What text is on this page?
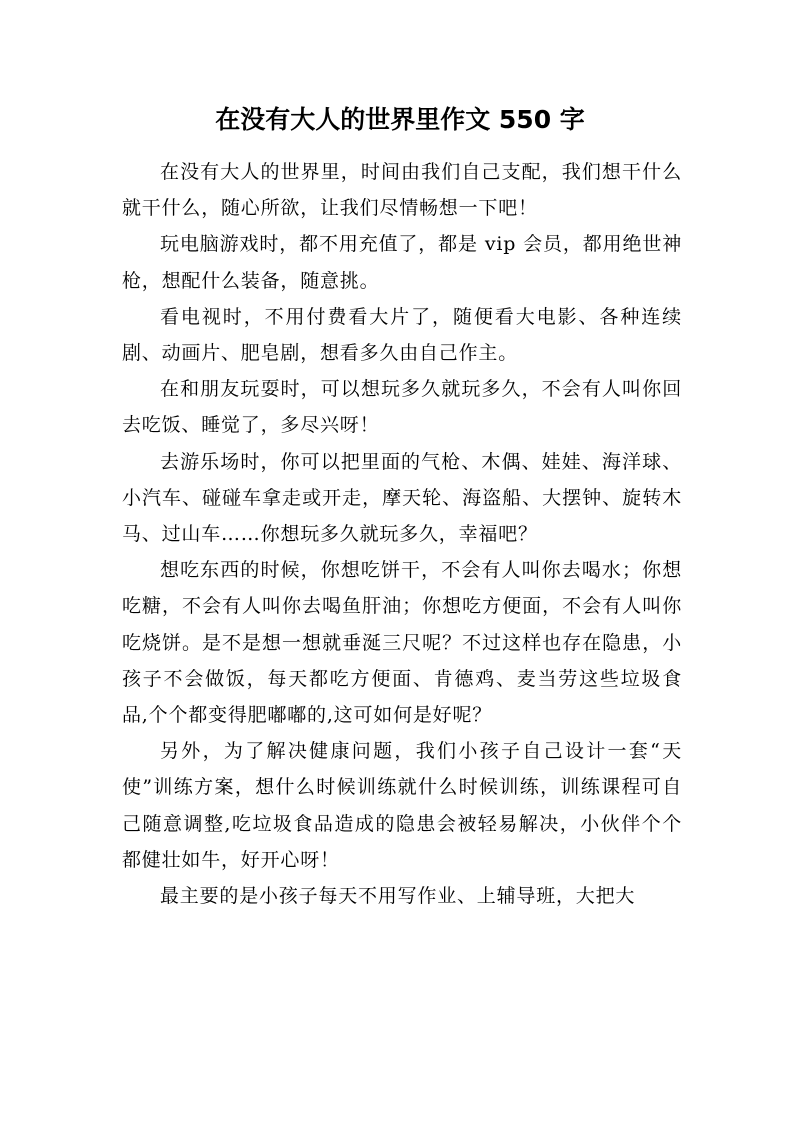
在没有大人的世界里作文 550 字

在没有大人的世界里，时间由我们自己支配，我们想干什么就干什么，随心所欲，让我们尽情畅想一下吧！

玩电脑游戏时，都不用充值了，都是 vip 会员，都用绝世神枪，想配什么装备，随意挑。

看电视时，不用付费看大片了，随便看大电影、各种连续剧、动画片、肥皂剧，想看多久由自己作主。

在和朋友玩耍时，可以想玩多久就玩多久，不会有人叫你回去吃饭、睡觉了，多尽兴呀！

去游乐场时，你可以把里面的气枪、木偶、娃娃、海洋球、小汽车、碰碰车拿走或开走，摩天轮、海盗船、大摆钟、旋转木马、过山车……你想玩多久就玩多久，幸福吧？

想吃东西的时候，你想吃饼干，不会有人叫你去喝水；你想吃糖，不会有人叫你去喝鱼肝油；你想吃方便面，不会有人叫你吃烧饼。是不是想一想就垂涎三尺呢？不过这样也存在隐患，小孩子不会做饭，每天都吃方便面、肯德鸡、麦当劳这些垃圾食品,个个都变得肥嘟嘟的,这可如何是好呢？

另外，为了解决健康问题，我们小孩子自己设计一套“天使”训练方案，想什么时候训练就什么时候训练，训练课程可自己随意调整,吃垃圾食品造成的隐患会被轻易解决，小伙伴个个都健壮如牛，好开心呀！

最主要的是小孩子每天不用写作业、上辅导班，大把大
